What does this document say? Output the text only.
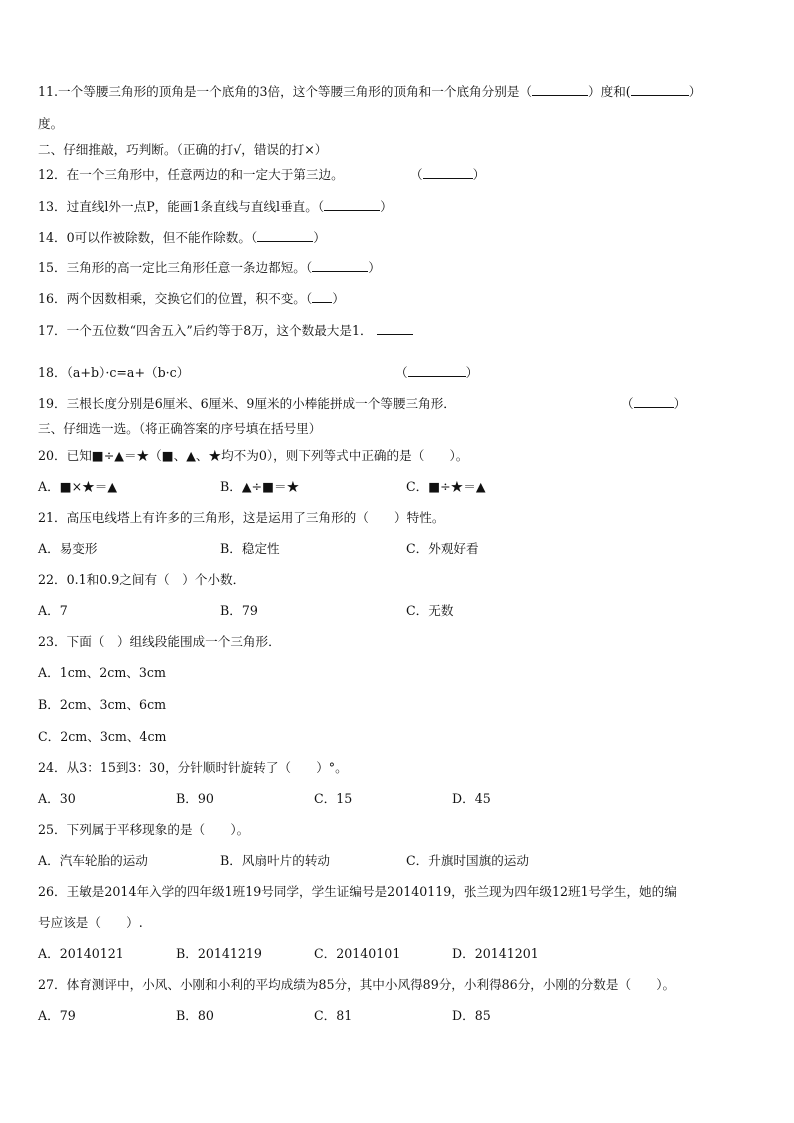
11.一个等腰三角形的顶角是一个底角的3倍，这个等腰三角形的顶角和一个底角分别是（	）度和(	）
度。
二、仔细推敲，巧判断。（正确的打√，错误的打×）
12．在一个三角形中，任意两边的和一定大于第三边。	（	）
13．过直线l外一点P，能画1条直线与直线l垂直。（	）
14．0可以作被除数，但不能作除数。（	）
15．三角形的高一定比三角形任意一条边都短。（	）
16．两个因数相乘，交换它们的位置，积不变。（ ）
17．一个五位数“四舍五入”后约等于8万，这个数最大是1．
18．（a+b）·c=a+（b·c）	（	）
19．三根长度分别是6厘米、6厘米、9厘米的小棒能拼成一个等腰三角形．	（	）
三、仔细选一选。（将正确答案的序号填在括号里）
20．已知■÷▲＝★（■、▲、★均不为0），则下列等式中正确的是（　　）。
A．■×★＝▲	B．▲÷■＝★	C．■÷★＝▲
21．高压电线塔上有许多的三角形，这是运用了三角形的（　　）特性。
A．易变形	B．稳定性	C．外观好看
22．0.1和0.9之间有（　）个小数．
A．7	B．79	C．无数
23．下面（　）组线段能围成一个三角形．
A．1cm、2cm、3cm
B．2cm、3cm、6cm
C．2cm、3cm、4cm
24．从3：15到3：30，分针顺时针旋转了（　　）°。
A．30	B．90	C．15	D．45
25．下列属于平移现象的是（　　）。
A．汽车轮胎的运动	B．风扇叶片的转动	C．升旗时国旗的运动
26．王敏是2014年入学的四年级1班19号同学，学生证编号是20140119，张兰现为四年级12班1号学生，她的编
号应该是（　　）.
A．20140121	B．20141219	C．20140101	D．20141201
27．体育测评中，小风、小刚和小利的平均成绩为85分，其中小风得89分，小利得86分，小刚的分数是（　　）。
A．79	B．80	C．81	D．85
